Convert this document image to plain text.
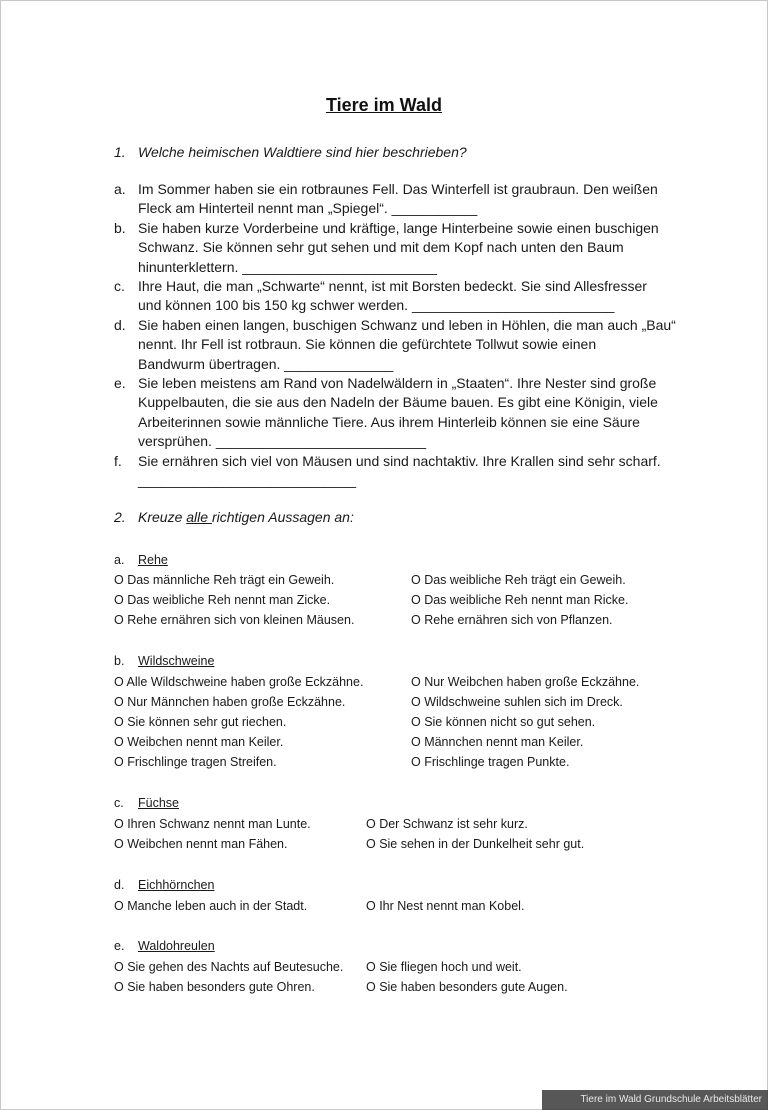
Tiere im Wald
1. Welche heimischen Waldtiere sind hier beschrieben?
a. Im Sommer haben sie ein rotbraunes Fell. Das Winterfell ist graubraun. Den weißen
Fleck am Hinterteil nennt man „Spiegel“. ___________
b. Sie haben kurze Vorderbeine und kräftige, lange Hinterbeine sowie einen buschigen
Schwanz. Sie können sehr gut sehen und mit dem Kopf nach unten den Baum
hinunterklettern. _________________________
c. Ihre Haut, die man „Schwarte“ nennt, ist mit Borsten bedeckt. Sie sind Allesfresser
und können 100 bis 150 kg schwer werden. __________________________
d. Sie haben einen langen, buschigen Schwanz und leben in Höhlen, die man auch „Bau“
nennt. Ihr Fell ist rotbraun. Sie können die gefürchtete Tollwut sowie einen
Bandwurm übertragen. ______________
e. Sie leben meistens am Rand von Nadelwäldern in „Staaten“. Ihre Nester sind große
Kuppelbauten, die sie aus den Nadeln der Bäume bauen. Es gibt eine Königin, viele
Arbeiterinnen sowie männliche Tiere. Aus ihrem Hinterleib können sie eine Säure
versprühen. ___________________________
f. Sie ernähren sich viel von Mäusen und sind nachtaktiv. Ihre Krallen sind sehr scharf.
____________________________
2. Kreuze alle richtigen Aussagen an:
a. Rehe
O Das männliche Reh trägt ein Geweih.
O Das weibliche Reh nennt man Zicke.
O Rehe ernähren sich von kleinen Mäusen.
O Das weibliche Reh trägt ein Geweih.
O Das weibliche Reh nennt man Ricke.
O Rehe ernähren sich von Pflanzen.
b. Wildschweine
O Alle Wildschweine haben große Eckzähne.
O Nur Männchen haben große Eckzähne.
O Sie können sehr gut riechen.
O Weibchen nennt man Keiler.
O Frischlinge tragen Streifen.
O Nur Weibchen haben große Eckzähne.
O Wildschweine suhlen sich im Dreck.
O Sie können nicht so gut sehen.
O Männchen nennt man Keiler.
O Frischlinge tragen Punkte.
c. Füchse
O Ihren Schwanz nennt man Lunte.
O Weibchen nennt man Fähen.
O Der Schwanz ist sehr kurz.
O Sie sehen in der Dunkelheit sehr gut.
d. Eichhörnchen
O Manche leben auch in der Stadt.	O Ihr Nest nennt man Kobel.
e. Waldohreulen
O Sie gehen des Nachts auf Beutesuche.
O Sie haben besonders gute Ohren.
O Sie fliegen hoch und weit.
O Sie haben besonders gute Augen.
Tiere im Wald Grundschule Arbeitsblätter
